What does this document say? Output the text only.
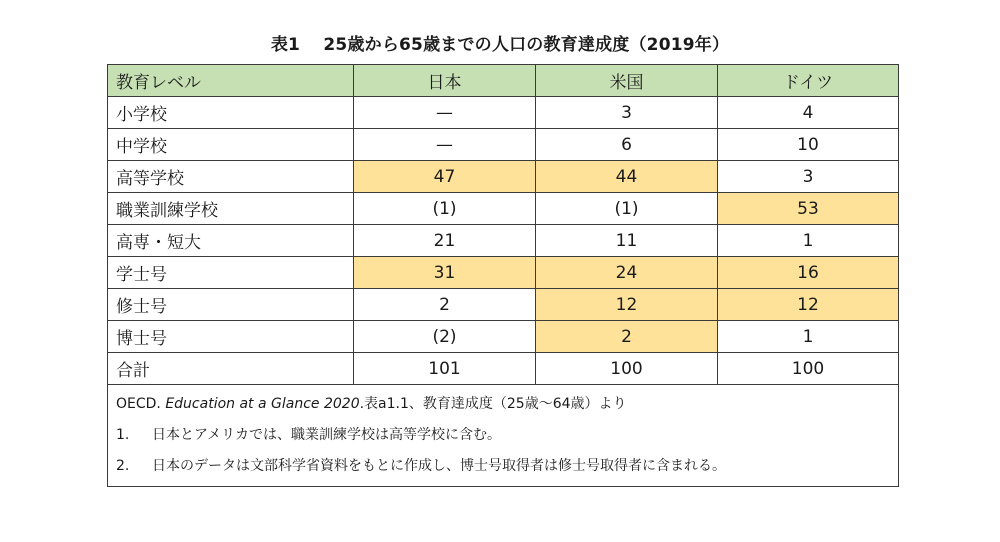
表1　 25歳から65歳までの人口の教育達成度（2019年）
教育レベル	日本	米国	ドイツ
小学校	—	3	4
中学校	—	6	10
高等学校	47	44	3
職業訓練学校	(1)	(1)	53
高専・短大	21	11	1
学士号	31	24	16
修士号	2	12	12
博士号	(2)	2	1
合計	101	100	100

OECD. Education at a Glance 2020.表a1.1、教育達成度（25歳～64歳）より
1. 日本とアメリカでは、職業訓練学校は高等学校に含む。
2. 日本のデータは文部科学省資料をもとに作成し、博士号取得者は修士号取得者に含まれる。			
